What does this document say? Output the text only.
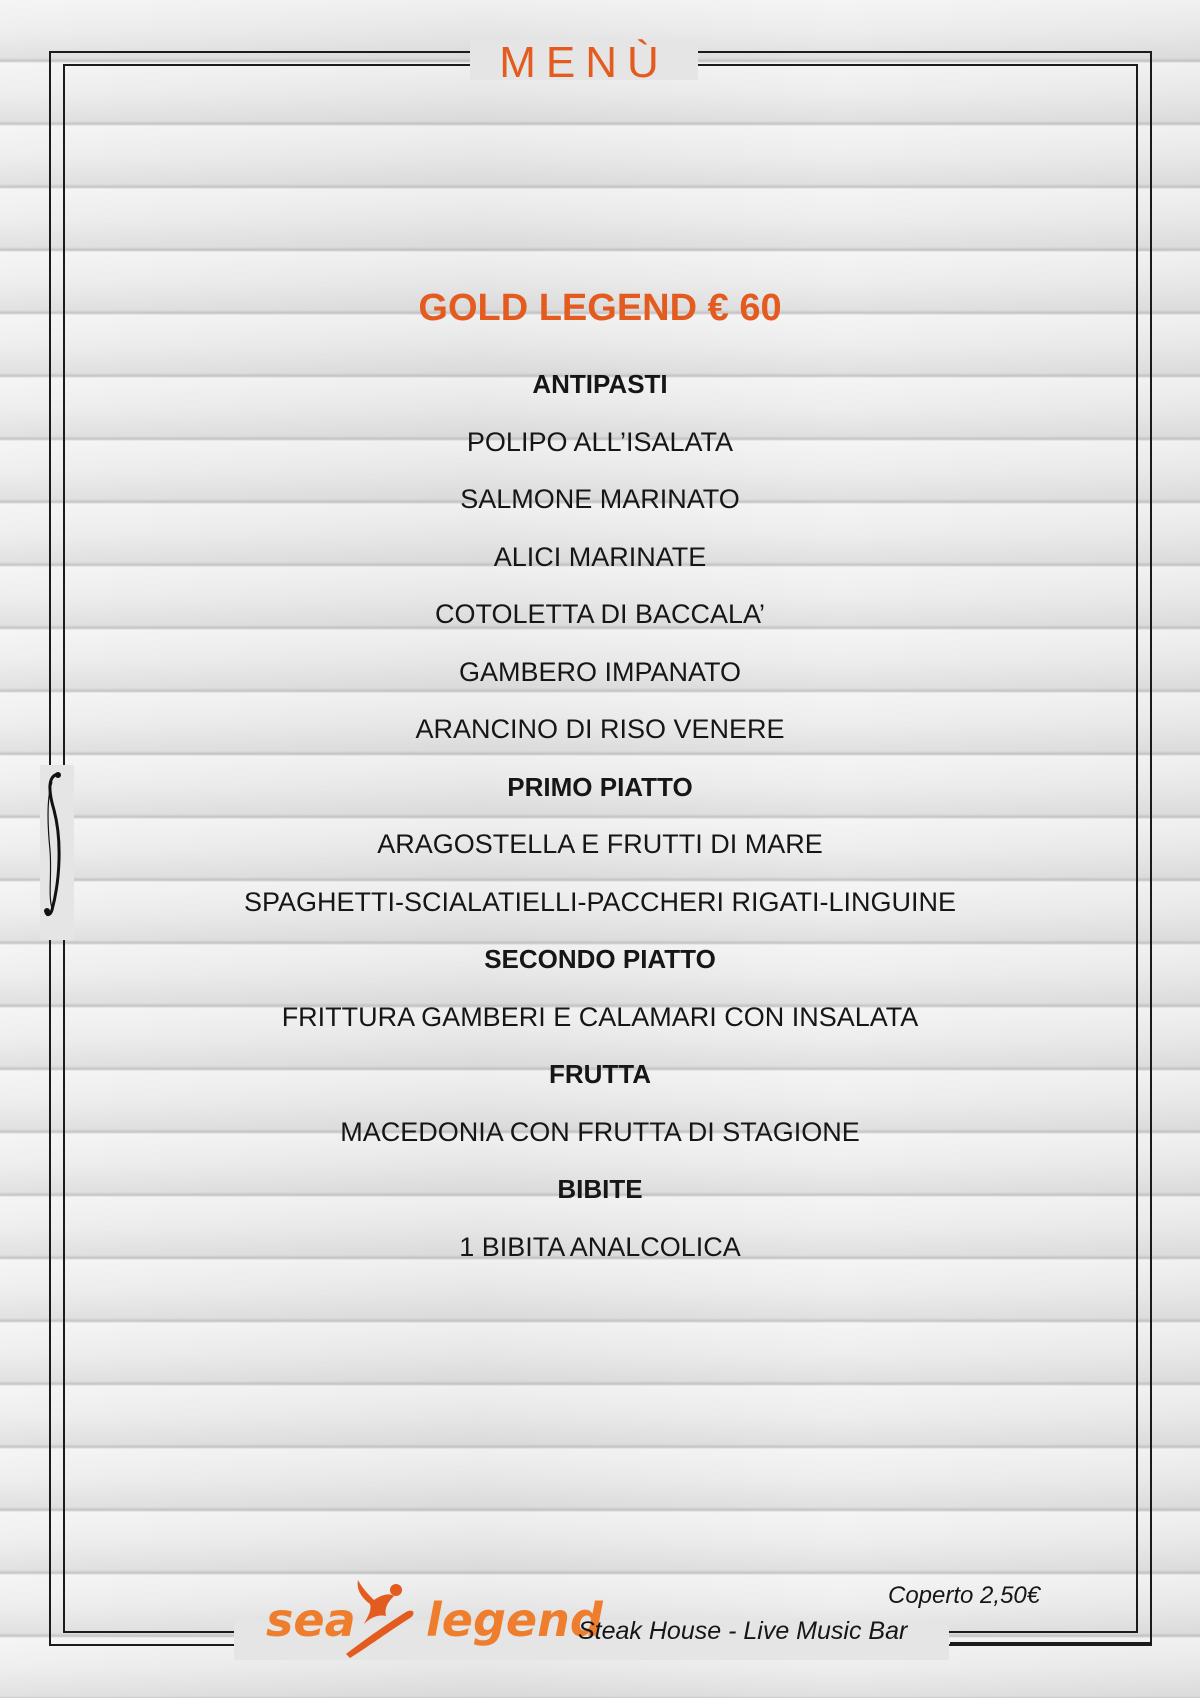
MENÙ
GOLD LEGEND € 60
ANTIPASTI
POLIPO ALL’ISALATA
SALMONE MARINATO
ALICI MARINATE
COTOLETTA DI BACCALA’
GAMBERO IMPANATO
ARANCINO DI RISO VENERE
PRIMO PIATTO
ARAGOSTELLA E FRUTTI DI MARE
SPAGHETTI-SCIALATIELLI-PACCHERI RIGATI-LINGUINE
SECONDO PIATTO
FRITTURA GAMBERI E CALAMARI CON INSALATA
FRUTTA
MACEDONIA CON FRUTTA DI STAGIONE
BIBITE
1 BIBITA ANALCOLICA
sea legend	Coperto 2,50€
Steak House - Live Music Bar
